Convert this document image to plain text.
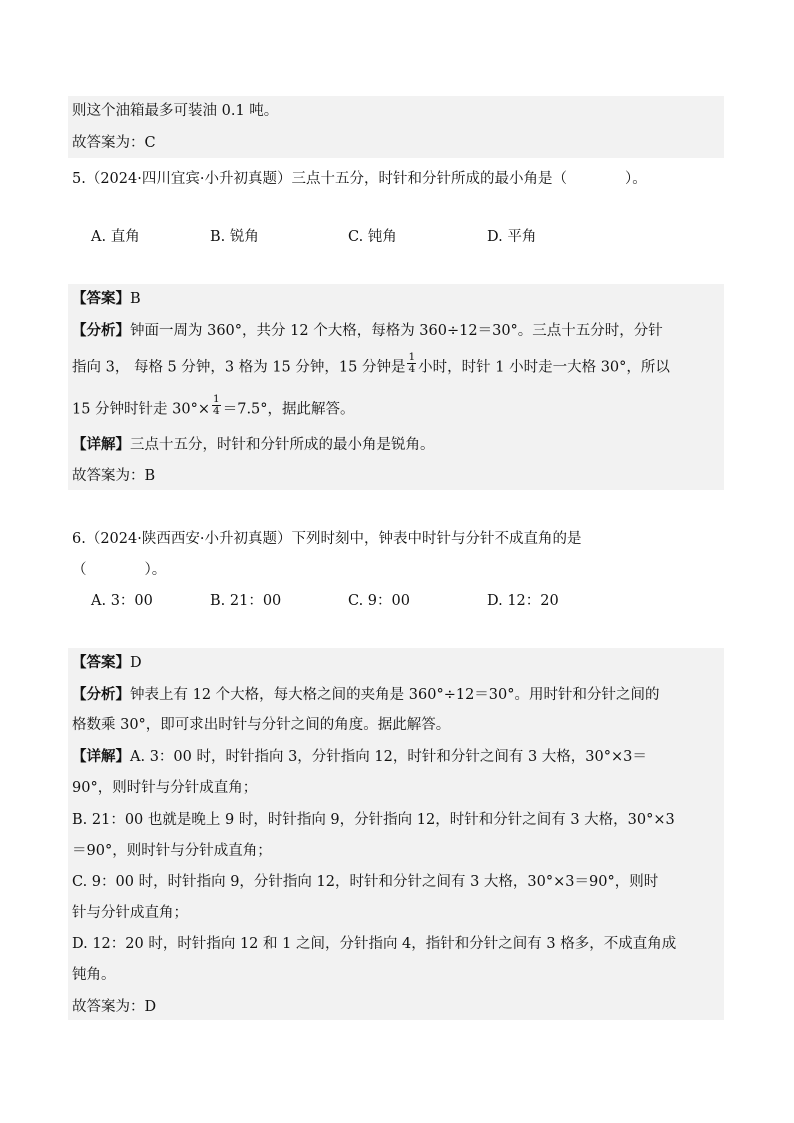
则这个油箱最多可装油 0.1 吨。
故答案为：C
5.（2024·四川宜宾·小升初真题）三点十五分，时针和分针所成的最小角是（　　　　）。
A. 直角	B. 锐角	C. 钝角	D. 平角
【答案】B
【分析】钟面一周为 360°，共分 12 个大格，每格为 360÷12＝30°。三点十五分时，分针
指向 3， 每格 5 分钟，3 格为 15 分钟，15 分钟是 $\frac{1}{4}$ 小时，时针 1 小时走一大格 30°，所以
15 分钟时针走 $30^\circ\times \frac{1}{4} =7.5^\circ$，据此解答。
【详解】三点十五分，时针和分针所成的最小角是锐角。
故答案为：B
6.（2024·陕西西安·小升初真题）下列时刻中，钟表中时针与分针不成直角的是
（　　　　）。
A. 3：00	B. 21：00	C. 9：00	D. 12：20
【答案】D
【分析】钟表上有 12 个大格，每大格之间的夹角是 360°÷12＝30°。用时针和分针之间的
格数乘 30°，即可求出时针与分针之间的角度。据此解答。
【详解】A. 3：00 时，时针指向 3，分针指向 12，时针和分针之间有 3 大格，30°×3＝
90°，则时针与分针成直角；
B. 21：00 也就是晚上 9 时，时针指向 9，分针指向 12，时针和分针之间有 3 大格，30°×3
＝90°，则时针与分针成直角；
C. 9：00 时，时针指向 9，分针指向 12，时针和分针之间有 3 大格，30°×3＝90°，则时
针与分针成直角；
D. 12：20 时，时针指向 12 和 1 之间，分针指向 4，指针和分针之间有 3 格多，不成直角成
钝角。
故答案为：D
